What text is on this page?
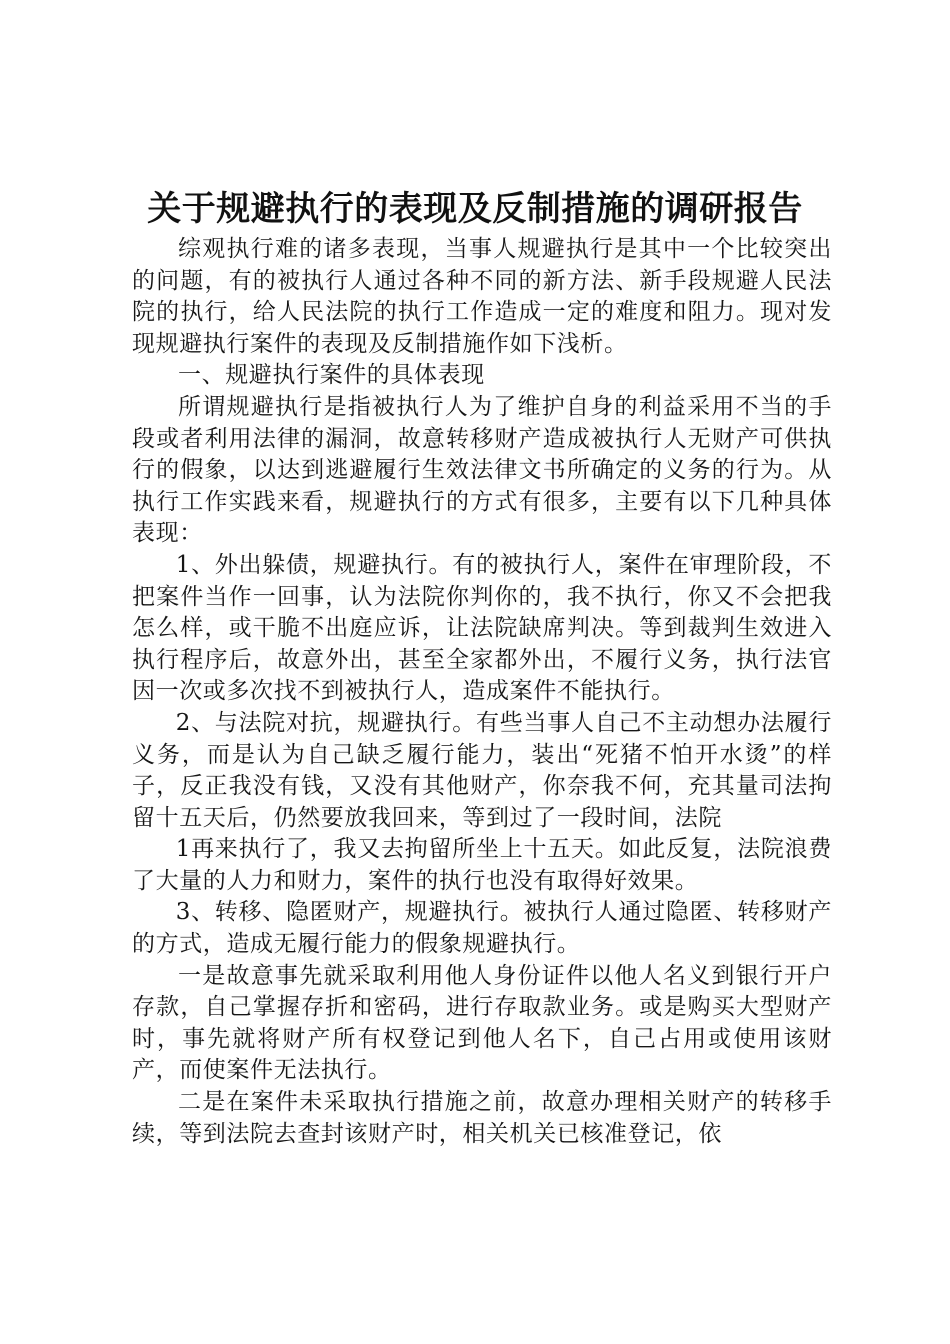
关于规避执行的表现及反制措施的调研报告

综观执行难的诸多表现，当事人规避执行是其中一个比较突出的问题，有的被执行人通过各种不同的新方法、新手段规避人民法院的执行，给人民法院的执行工作造成一定的难度和阻力。现对发现规避执行案件的表现及反制措施作如下浅析。

一、规避执行案件的具体表现

所谓规避执行是指被执行人为了维护自身的利益采用不当的手段或者利用法律的漏洞，故意转移财产造成被执行人无财产可供执行的假象，以达到逃避履行生效法律文书所确定的义务的行为。从执行工作实践来看，规避执行的方式有很多，主要有以下几种具体表现：

1、外出躲债，规避执行。有的被执行人，案件在审理阶段，不把案件当作一回事，认为法院你判你的，我不执行，你又不会把我怎么样，或干脆不出庭应诉，让法院缺席判决。等到裁判生效进入执行程序后，故意外出，甚至全家都外出，不履行义务，执行法官因一次或多次找不到被执行人，造成案件不能执行。

2、与法院对抗，规避执行。有些当事人自己不主动想办法履行义务，而是认为自己缺乏履行能力，装出“死猪不怕开水烫”的样子，反正我没有钱，又没有其他财产，你奈我不何，充其量司法拘留十五天后，仍然要放我回来，等到过了一段时间，法院

1再来执行了，我又去拘留所坐上十五天。如此反复，法院浪费了大量的人力和财力，案件的执行也没有取得好效果。

3、转移、隐匿财产，规避执行。被执行人通过隐匿、转移财产的方式，造成无履行能力的假象规避执行。

一是故意事先就采取利用他人身份证件以他人名义到银行开户存款，自己掌握存折和密码，进行存取款业务。或是购买大型财产时，事先就将财产所有权登记到他人名下，自己占用或使用该财产，而使案件无法执行。

二是在案件未采取执行措施之前，故意办理相关财产的转移手续，等到法院去查封该财产时，相关机关已核准登记，依
